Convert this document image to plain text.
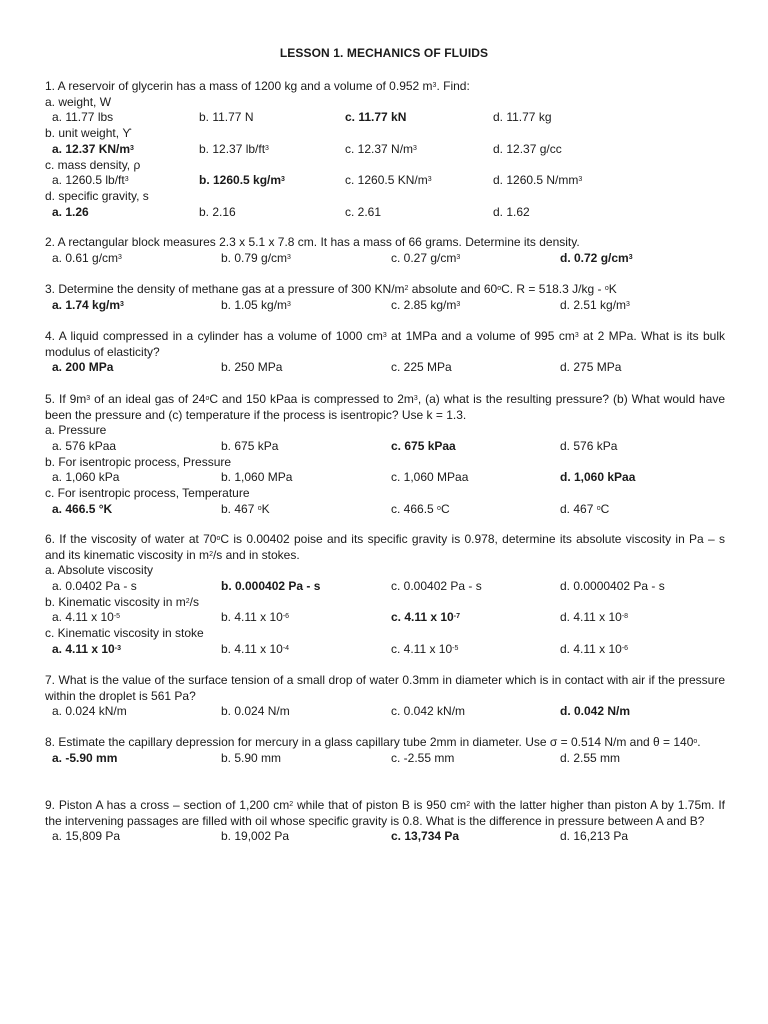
LESSON 1. MECHANICS OF FLUIDS
1. A reservoir of glycerin has a mass of 1200 kg and a volume of 0.952 $m^3$. Find:
a. weight, W
a. 11.77 lbs	b. 11.77 N	c. 11.77 kN	d. 11.77 kg
b. unit weight, ϒ
a. 12.37 $KN/m^3$	b. 12.37 $lb/ft^3$	c. 12.37 $N/m^3$	d. 12.37 g/cc
c. mass density, ρ
a. 1260.5 $lb/ft^3$	b. 1260.5 $kg/m^3$	c. 1260.5 $KN/m^3$	d. 1260.5 $N/mm^3$
d. specific gravity, s
a. 1.26	b. 2.16	c. 2.61	d. 1.62
2. A rectangular block measures 2.3 x 5.1 x 7.8 cm. It has a mass of 66 grams. Determine its density.
a. 0.61 $g/cm^3$	b. 0.79 $g/cm^3$	c. 0.27 $g/cm^3$	d. 0.72 $g/cm^3$
3. Determine the density of methane gas at a pressure of 300 $KN/m^2$ absolute and 60$^o$C. R = 518.3 J/kg - $^o$K
a. 1.74 $kg/m^3$	b. 1.05 $kg/m^3$	c. 2.85 $kg/m^3$	d. 2.51 $kg/m^3$
4. A liquid compressed in a cylinder has a volume of 1000 $cm^3$ at 1MPa and a volume of 995 $cm^3$ at 2 MPa. What is its bulk modulus of elasticity?
a. 200 MPa	b. 250 MPa	c. 225 MPa	d. 275 MPa
5. If $9m^3$ of an ideal gas of 24$^o$C and 150 kPaa is compressed to $2m^3$, (a) what is the resulting pressure? (b) What would have been the pressure and (c) temperature if the process is isentropic? Use k = 1.3.
a. Pressure
a. 576 kPaa	b. 675 kPa	c. 675 kPaa	d. 576 kPa
b. For isentropic process, Pressure
a. 1,060 kPa	b. 1,060 MPa	c. 1,060 MPaa	d. 1,060 kPaa
c. For isentropic process, Temperature
a. 466.5 °K	b. 467 $^o$K	c. 466.5 $^o$C	d. 467 $^o$C
6. If the viscosity of water at 70$^o$C is 0.00402 poise and its specific gravity is 0.978, determine its absolute viscosity in Pa – s and its kinematic viscosity in $m^2/s$ and in stokes.
a. Absolute viscosity
a. 0.0402 Pa - s	b. 0.000402 Pa - s	c. 0.00402 Pa - s	d. 0.0000402 Pa - s
b. Kinematic viscosity in $m^2/s$
a. 4.11 x $10^{-5}$	b. 4.11 x $10^{-6}$	c. 4.11 x $10^{-7}$	d. 4.11 x $10^{-8}$
c. Kinematic viscosity in stoke
a. 4.11 x $10^{-3}$	b. 4.11 x $10^{-4}$	c. 4.11 x $10^{-5}$	d. 4.11 x $10^{-6}$
7. What is the value of the surface tension of a small drop of water 0.3mm in diameter which is in contact with air if the pressure within the droplet is 561 Pa?
a. 0.024 kN/m	b. 0.024 N/m	c. 0.042 kN/m	d. 0.042 N/m
8. Estimate the capillary depression for mercury in a glass capillary tube 2mm in diameter. Use σ = 0.514 N/m and $\theta = 140^o$.
a. -5.90 mm	b. 5.90 mm	c. -2.55 mm	d. 2.55 mm
9. Piston A has a cross – section of 1,200 $cm^2$ while that of piston B is 950 $cm^2$ with the latter higher than piston A by 1.75m. If the intervening passages are filled with oil whose specific gravity is 0.8. What is the difference in pressure between A and B?
a. 15,809 Pa	b. 19,002 Pa	c. 13,734 Pa	d. 16,213 Pa
